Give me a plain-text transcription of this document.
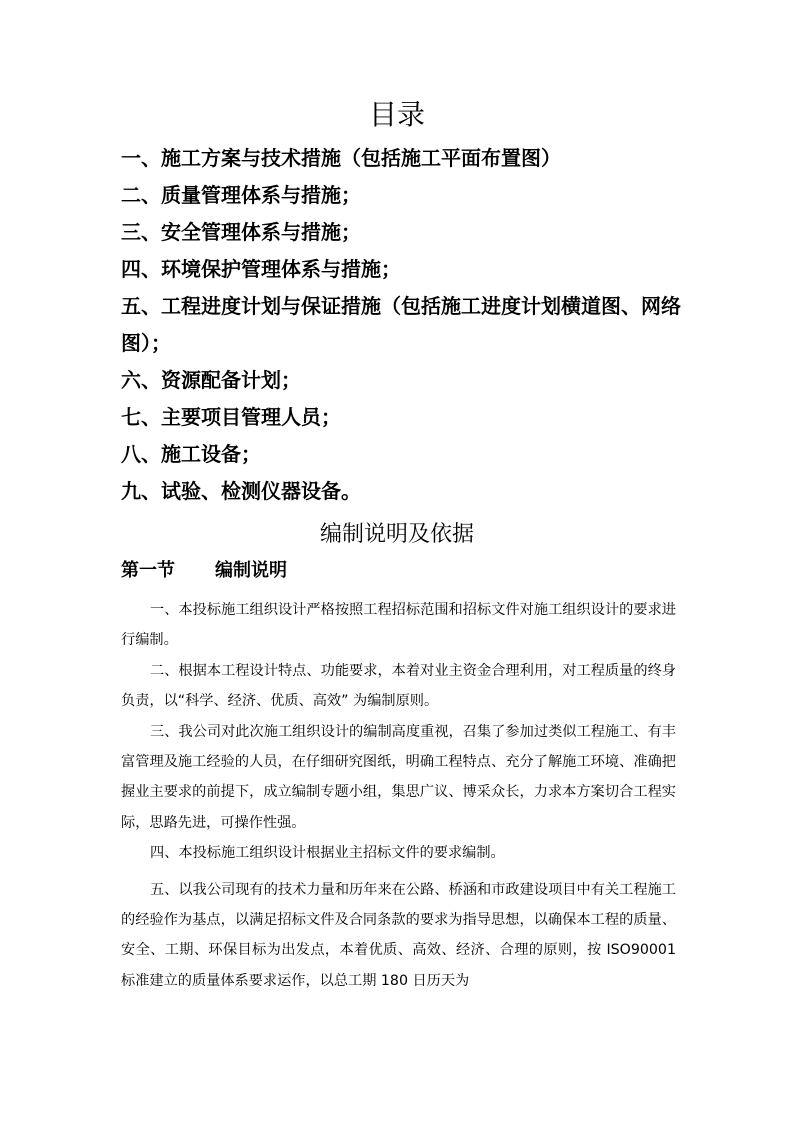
目录
一、施工方案与技术措施（包括施工平面布置图）
二、质量管理体系与措施；
三、安全管理体系与措施；
四、环境保护管理体系与措施；
五、工程进度计划与保证措施（包括施工进度计划横道图、网络图）；
六、资源配备计划；
七、主要项目管理人员；
八、施工设备；
九、试验、检测仪器设备。
编制说明及依据
第一节 编制说明

一、本投标施工组织设计严格按照工程招标范围和招标文件对施工组织设计的要求进行编制。

二、根据本工程设计特点、功能要求，本着对业主资金合理利用，对工程质量的终身负责，以“科学、经济、优质、高效” 为编制原则。

三、我公司对此次施工组织设计的编制高度重视，召集了参加过类似工程施工、有丰富管理及施工经验的人员，在仔细研究图纸，明确工程特点、充分了解施工环境、准确把握业主要求的前提下，成立编制专题小组，集思广议、博采众长，力求本方案切合工程实际，思路先进，可操作性强。

四、本投标施工组织设计根据业主招标文件的要求编制。

五、以我公司现有的技术力量和历年来在公路、桥涵和市政建设项目中有关工程施工的经验作为基点，以满足招标文件及合同条款的要求为指导思想，以确保本工程的质量、安全、工期、环保目标为出发点，本着优质、高效、经济、合理的原则，按 ISO90001 标准建立的质量体系要求运作，以总工期 180 日历天为
